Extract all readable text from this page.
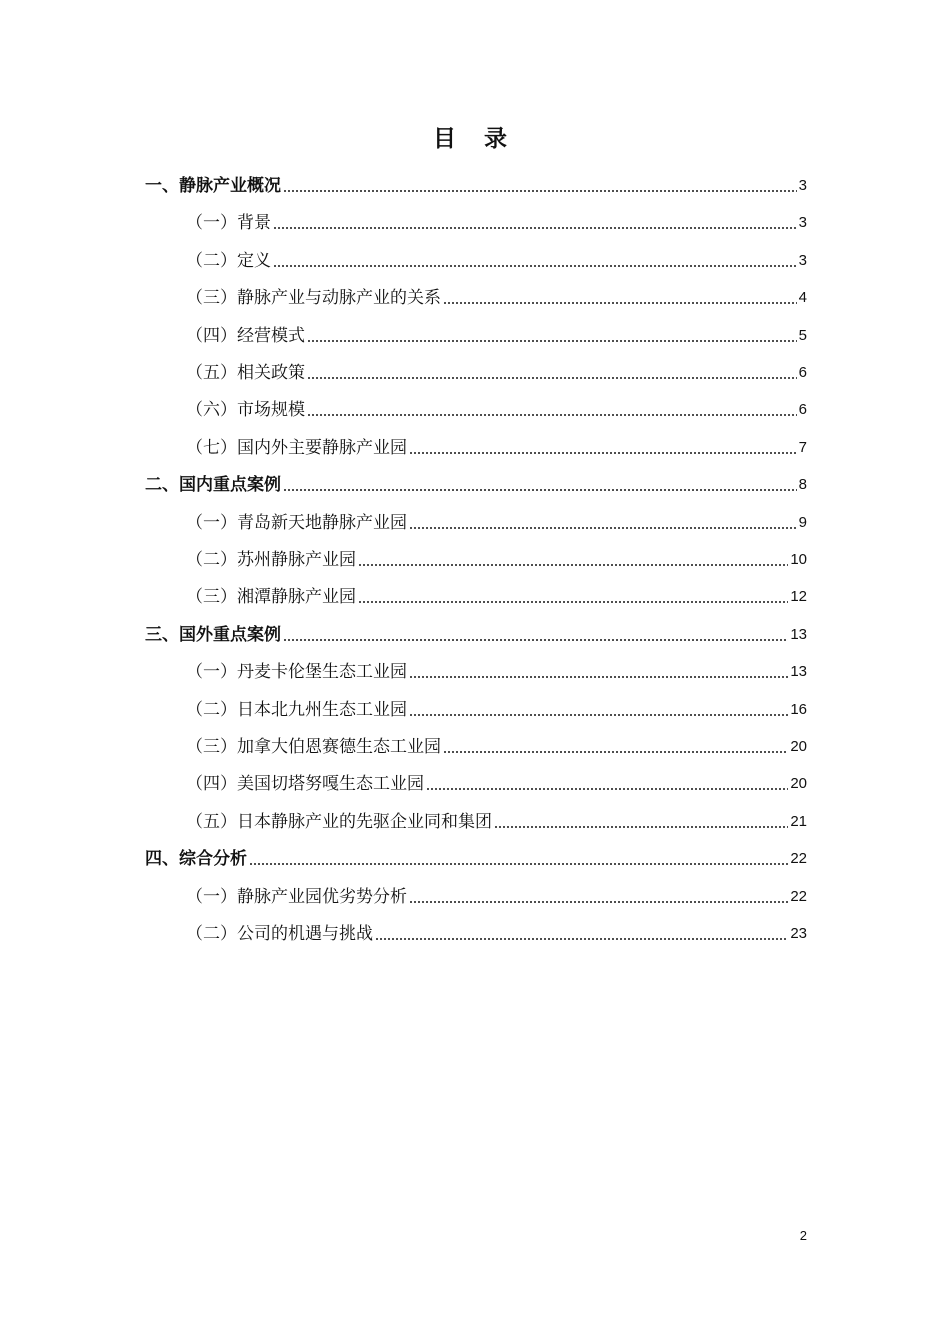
目 录
一、静脉产业概况	3
（一）背景	3
（二）定义	3
（三）静脉产业与动脉产业的关系	4
（四）经营模式	5
（五）相关政策	6
（六）市场规模	6
（七）国内外主要静脉产业园	7
二、国内重点案例	8
（一）青岛新天地静脉产业园	9
（二）苏州静脉产业园	10
（三）湘潭静脉产业园	12
三、国外重点案例	13
（一）丹麦卡伦堡生态工业园	13
（二）日本北九州生态工业园	16
（三）加拿大伯恩赛德生态工业园	20
（四）美国切塔努嘎生态工业园	20
（五）日本静脉产业的先驱企业同和集团	21
四、综合分析	22
（一）静脉产业园优劣势分析	22
（二）公司的机遇与挑战	23
2
